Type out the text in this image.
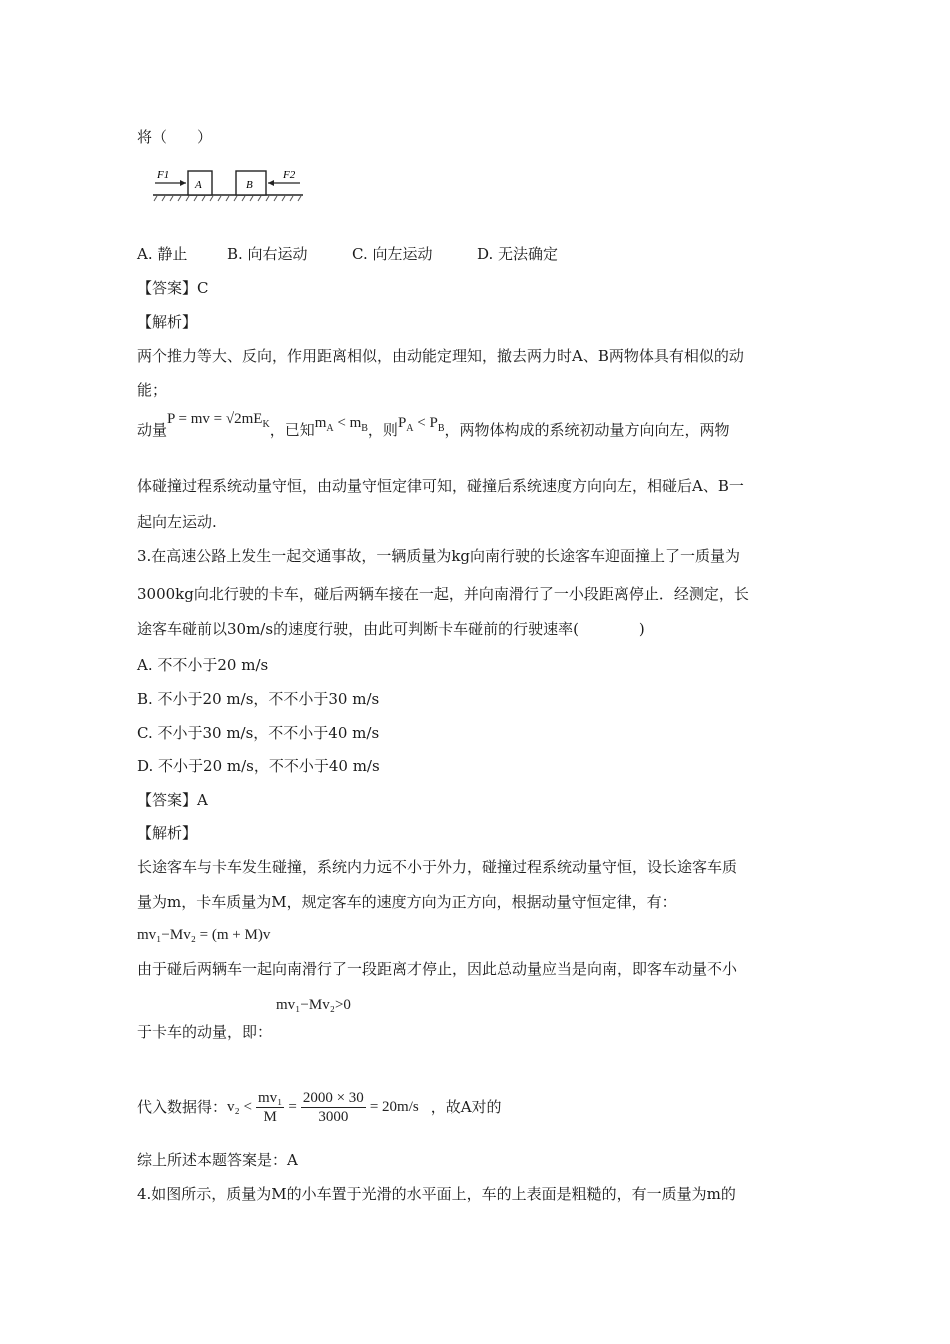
将（　　）
F1
A	B
F2
A. 静止	B. 向右运动	C. 向左运动	D. 无法确定
【答案】C
【解析】
两个推力等大、反向，作用距离相似，由动能定理知，撤去两力时A、B两物体具有相似的动
能；
动量P = mv = $√2mE_K$，已知$m_A < m_B$，则$P_A < P_B$，两物体构成的系统初动量方向向左，两物
体碰撞过程系统动量守恒，由动量守恒定律可知，碰撞后系统速度方向向左，相碰后A、B一
起向左运动.
3.在高速公路上发生一起交通事故，一辆质量为kg向南行驶的长途客车迎面撞上了一质量为
3000kg向北行驶的卡车，碰后两辆车接在一起，并向南滑行了一小段距离停止．经测定，长
途客车碰前以30m/s的速度行驶，由此可判断卡车碰前的行驶速率(　　　　)
A. 不不小于20 m/s
B. 不小于20 m/s，不不小于30 m/s
C. 不小于30 m/s，不不小于40 m/s
D. 不小于20 m/s，不不小于40 m/s
【答案】A
【解析】
长途客车与卡车发生碰撞，系统内力远不小于外力，碰撞过程系统动量守恒，设长途客车质
量为m，卡车质量为M，规定客车的速度方向为正方向，根据动量守恒定律，有：
mv₁−Mv₂ = (m + M)v
由于碰后两辆车一起向南滑行了一段距离才停止，因此总动量应当是向南，即客车动量不小
于卡车的动量，即：mv₁−Mv₂>0
代入数据得：$v_2 < \frac{\text{mv₁}}{M} = \frac{2000 \times 30}{3000} = 20m/s$ ，故A对的
综上所述本题答案是：A
4.如图所示，质量为M的小车置于光滑的水平面上，车的上表面是粗糙的，有一质量为m的
